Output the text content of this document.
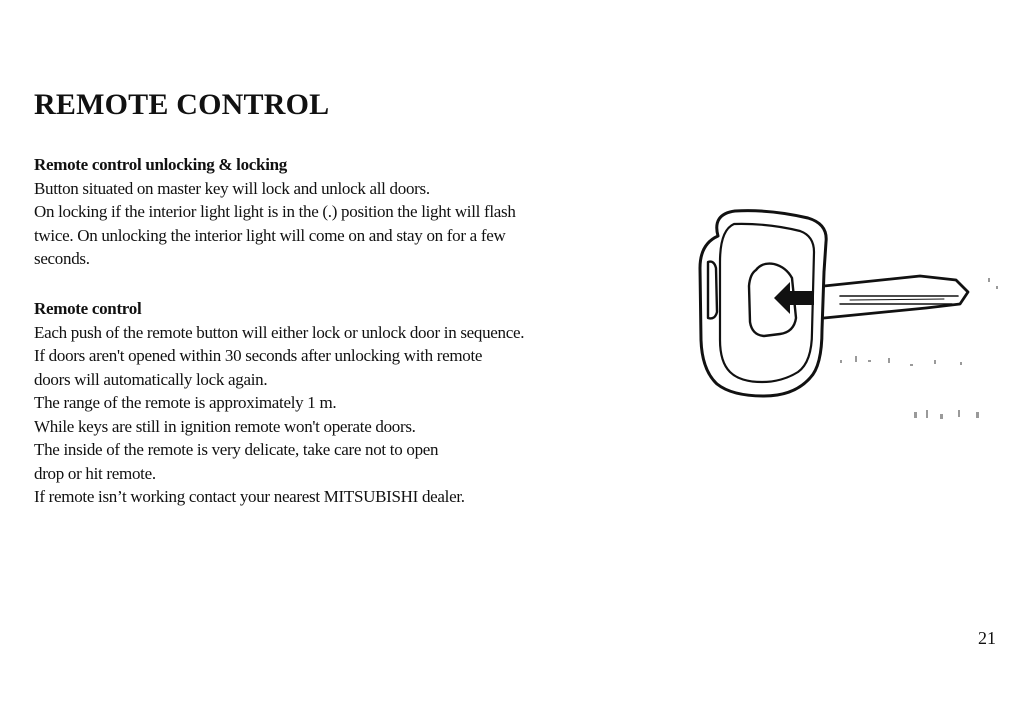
REMOTE CONTROL
Remote control unlocking & locking
Button situated on master key will lock and unlock all doors.
On locking if the interior light light is in the (.) position the light will flash
twice. On unlocking the interior light will come on and stay on for a few
seconds.
Remote control
Each push of the remote button will either lock or unlock door in sequence.
If doors aren't opened within 30 seconds after unlocking with remote
doors will automatically lock again.
The range of the remote is approximately 1 m.
While keys are still in ignition remote won't operate doors.
The inside of the remote is very delicate, take care not to open
drop or hit remote.
If remote isn’t working contact your nearest MITSUBISHI dealer.
21
